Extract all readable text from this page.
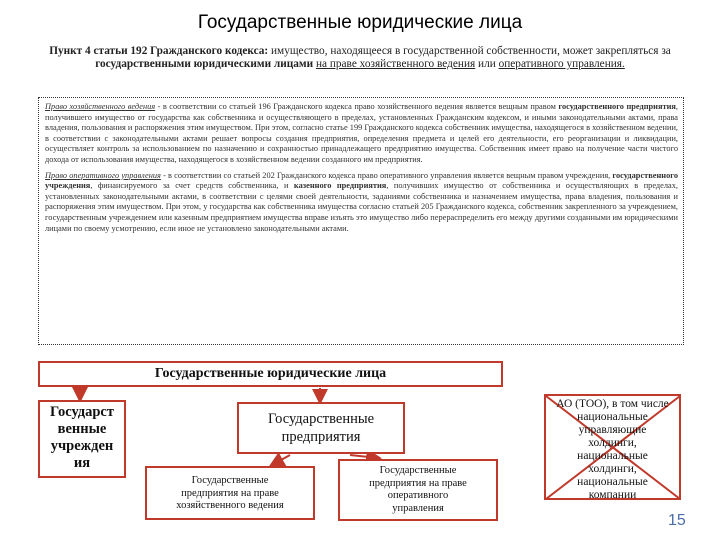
Государственные юридические лица
Пункт 4 статьи 192 Гражданского кодекса: имущество, находящееся в государственной собственности, может закрепляться за государственными юридическими лицами на праве хозяйственного ведения или оперативного управления.

Право хозяйственного ведения - в соответствии со статьей 196 Гражданского кодекса право хозяйственного ведения является вещным правом государственного предприятия, получившего имущество от государства как собственника и осуществляющего в пределах, установленных Гражданским кодексом, и иными законодательными актами, права владения, пользования и распоряжения этим имуществом. При этом, согласно статье 199 Гражданского кодекса собственник имущества, находящегося в хозяйственном ведении, в соответствии с законодательными актами решает вопросы создания предприятия, определения предмета и целей его деятельности, его реорганизации и ликвидации, осуществляет контроль за использованием по назначению и сохранностью принадлежащего предприятию имущества. Собственник имеет право на получение части чистого дохода от использования имущества, находящегося в хозяйственном ведении созданного им предприятия.

Право оперативного управления - в соответствии со статьей 202 Гражданского кодекса право оперативного управления является вещным правом учреждения, государственного учреждения, финансируемого за счет средств собственника, и казенного предприятия, получивших имущество от собственника и осуществляющих в пределах, установленных законодательными актами, в соответствии с целями своей деятельности, заданиями собственника и назначением имущества, права владения, пользования и распоряжения этим имуществом. При этом, у государства как собственника имущества согласно статьей 205 Гражданского кодекса, собственник закрепленного за учреждением, государственным учреждением или казенным предприятием имущества вправе изъять это имущество либо перераспределить его между другими созданными им юридическими лицами по своему усмотрению, если иное не установлено законодательными актами.

Государственные юридические лица
Государст
венные
учрежден
ия
Государственные
предприятия
Государственные
предприятия на праве
хозяйственного ведения
Государственные
предприятия на праве
оперативного
управления
АО (ТОО), в том числе
национальные
управляющие
холдинги,
национальные
холдинги,
национальные
компании
15
